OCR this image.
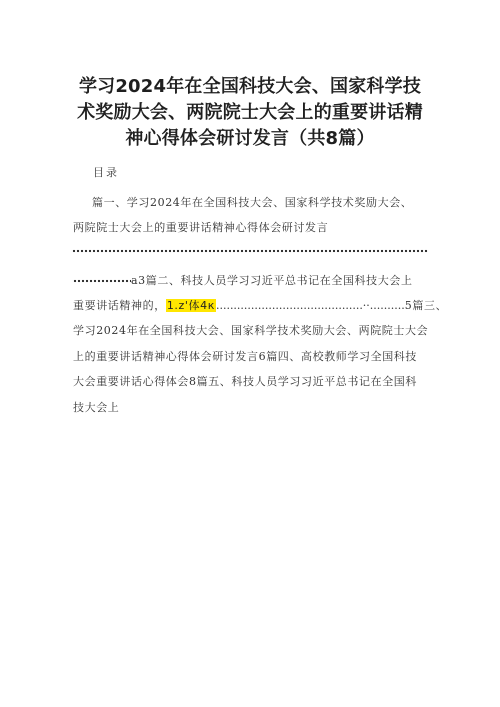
学习2024年在全国科技大会、国家科学技
术奖励大会、两院院士大会上的重要讲话精
神心得体会研讨发言（共8篇）
目录
篇一、学习2024年在全国科技大会、国家科学技术奖励大会、
两院院士大会上的重要讲话精神心得体会研讨发言
a3篇二、科技人员学习习近平总书记在全国科技大会上
重要讲话精神的，1.z'体4к..........................................··..........5篇三、
学习2024年在全国科技大会、国家科学技术奖励大会、两院院士大会
上的重要讲话精神心得体会研讨发言6篇四、高校教师学习全国科技
大会重要讲话心得体会8篇五、科技人员学习习近平总书记在全国科
技大会上
